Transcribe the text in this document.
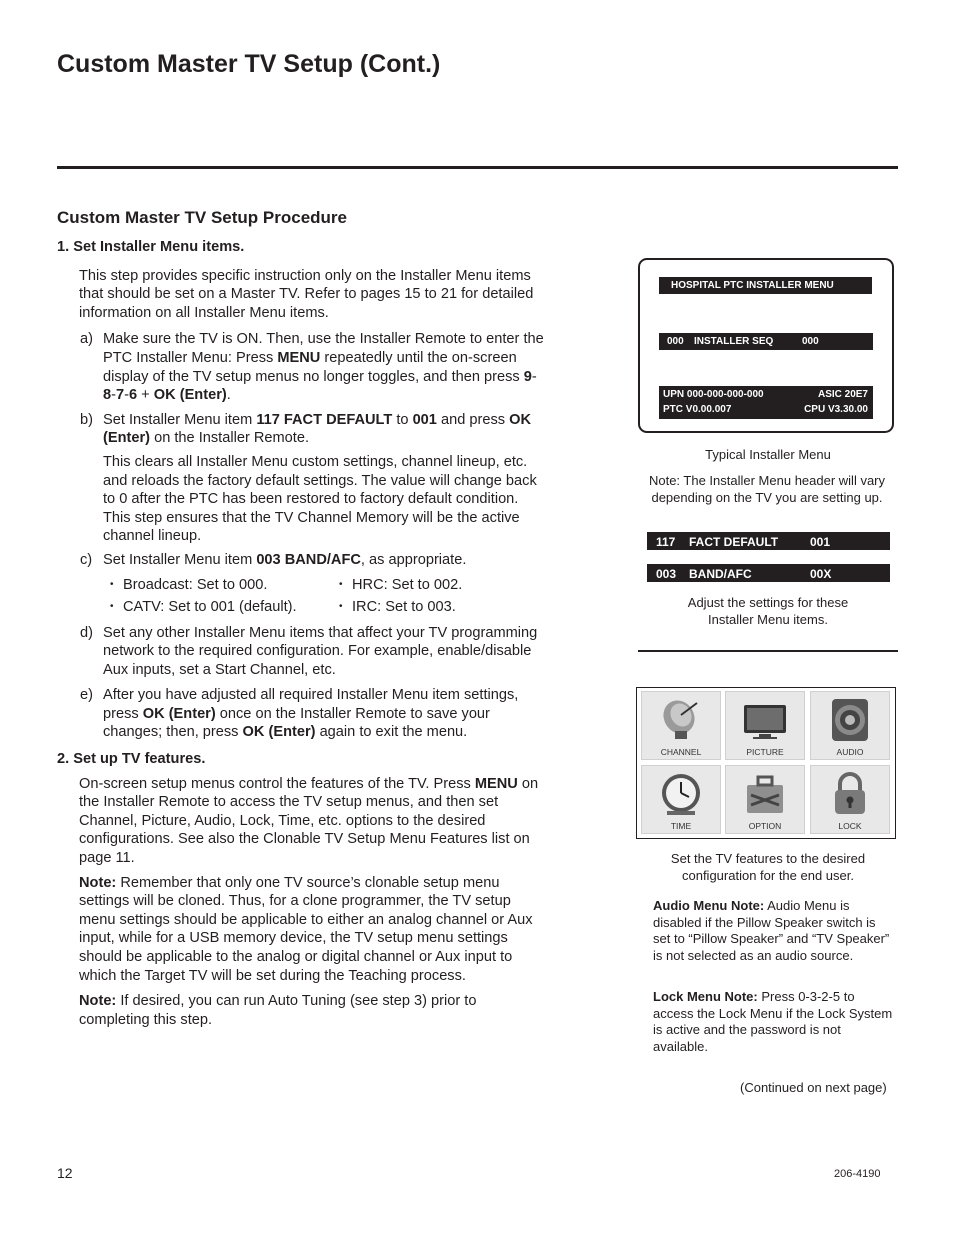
Custom Master TV Setup (Cont.)
Custom Master TV Setup Procedure

1. Set Installer Menu items.

This step provides specific instruction only on the Installer Menu items that should be set on a Master TV. Refer to pages 15 to 21 for detailed information on all Installer Menu items.

a) Make sure the TV is ON. Then, use the Installer Remote to enter the PTC Installer Menu: Press MENU repeatedly until the on-screen display of the TV setup menus no longer toggles, and then press 9-8-7-6 + OK (Enter).
b) Set Installer Menu item 117 FACT DEFAULT to 001 and press OK (Enter) on the Installer Remote.

This clears all Installer Menu custom settings, channel lineup, etc. and reloads the factory default settings. The value will change back to 0 after the PTC has been restored to factory default condition. This step ensures that the TV Channel Memory will be the active channel lineup.

c) Set Installer Menu item 003 BAND/AFC, as appropriate.
• Broadcast: Set to 000.	• HRC: Set to 002.
• CATV: Set to 001 (default).	• IRC: Set to 003.
d) Set any other Installer Menu items that affect your TV programming network to the required configuration. For example, enable/disable Aux inputs, set a Start Channel, etc.
e) After you have adjusted all required Installer Menu item settings, press OK (Enter) once on the Installer Remote to save your changes; then, press OK (Enter) again to exit the menu.

2. Set up TV features.

On-screen setup menus control the features of the TV. Press MENU on the Installer Remote to access the TV setup menus, and then set Channel, Picture, Audio, Lock, Time, etc. options to the desired configurations. See also the Clonable TV Setup Menu Features list on page 11.

Note: Remember that only one TV source’s clonable setup menu settings will be cloned. Thus, for a clone programmer, the TV setup menu settings should be applicable to either an analog channel or Aux input, while for a USB memory device, the TV setup menu settings should be applicable to the analog or digital channel or Aux input to which the Target TV will be set during the Teaching process.

Note: If desired, you can run Auto Tuning (see step 3) prior to completing this step.

HOSPITAL PTC INSTALLER MENU
000 INSTALLER SEQ	000
UPN 000-000-000-000	ASIC 20E7
PTC V0.00.007	CPU V3.30.00
Typical Installer Menu
Note: The Installer Menu header will vary depending on the TV you are setting up.
117 FACT DEFAULT	001
003 BAND/AFC	00X
Adjust the settings for these
Installer Menu items.
CHANNEL	PICTURE	AUDIO
TIME	OPTION	LOCK
Set the TV features to the desired configuration for the end user.

Audio Menu Note: Audio Menu is disabled if the Pillow Speaker switch is set to “Pillow Speaker” and “TV Speaker” is not selected as an audio source.

Lock Menu Note: Press 0-3-2-5 to access the Lock Menu if the Lock System is active and the password is not available.

(Continued on next page)
12	206-4190
